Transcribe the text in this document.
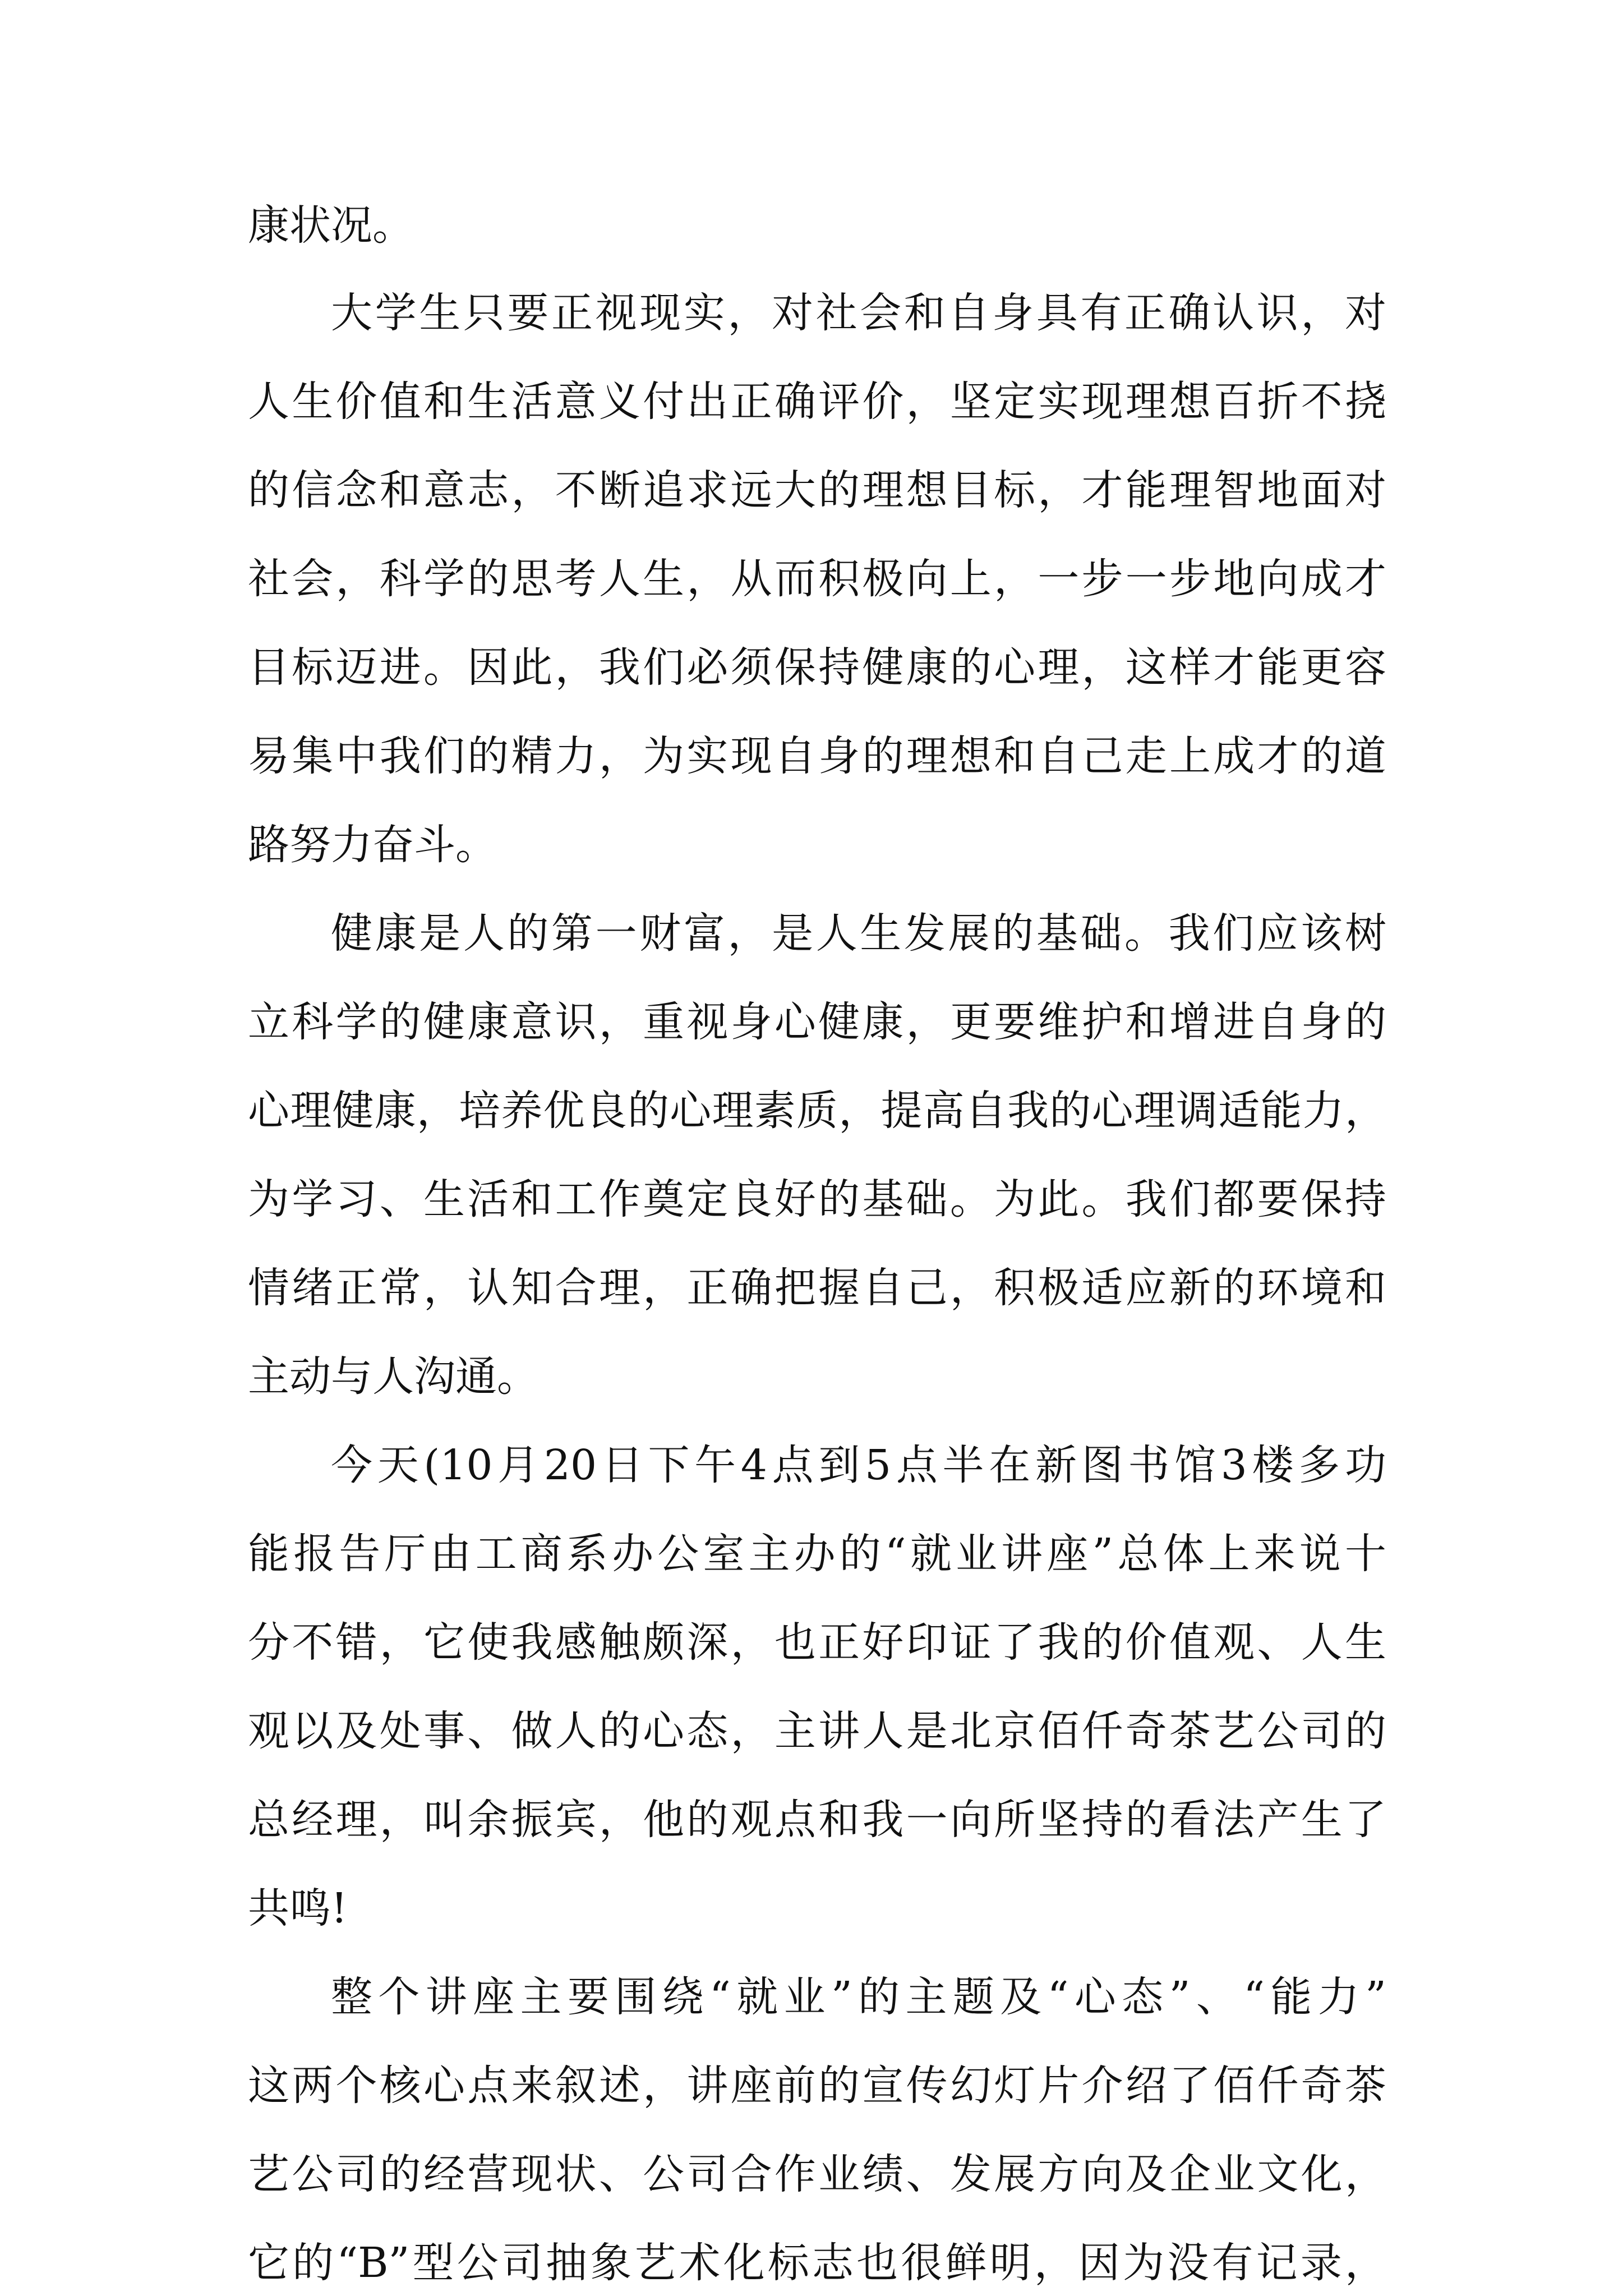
康状况。
大学生只要正视现实，对社会和自身具有正确认识，对
人生价值和生活意义付出正确评价，坚定实现理想百折不挠
的信念和意志，不断追求远大的理想目标，才能理智地面对
社会，科学的思考人生，从而积极向上，一步一步地向成才
目标迈进。因此，我们必须保持健康的心理，这样才能更容
易集中我们的精力，为实现自身的理想和自己走上成才的道
路努力奋斗。
健康是人的第一财富，是人生发展的基础。我们应该树
立科学的健康意识，重视身心健康，更要维护和增进自身的
心理健康，培养优良的心理素质，提高自我的心理调适能力，
为学习、生活和工作奠定良好的基础。为此。我们都要保持
情绪正常，认知合理，正确把握自己，积极适应新的环境和
主动与人沟通。
今天(10月20日下午4点到5点半在新图书馆3楼多功
能报告厅由工商系办公室主办的“就业讲座”总体上来说十
分不错，它使我感触颇深，也正好印证了我的价值观、人生
观以及处事、做人的心态，主讲人是北京佰仟奇茶艺公司的
总经理，叫余振宾，他的观点和我一向所坚持的看法产生了
共鸣!
整个讲座主要围绕“就业”的主题及“心态”、“能力”
这两个核心点来叙述，讲座前的宣传幻灯片介绍了佰仟奇茶
艺公司的经营现状、公司合作业绩、发展方向及企业文化，
它的“B”型公司抽象艺术化标志也很鲜明，因为没有记录，
